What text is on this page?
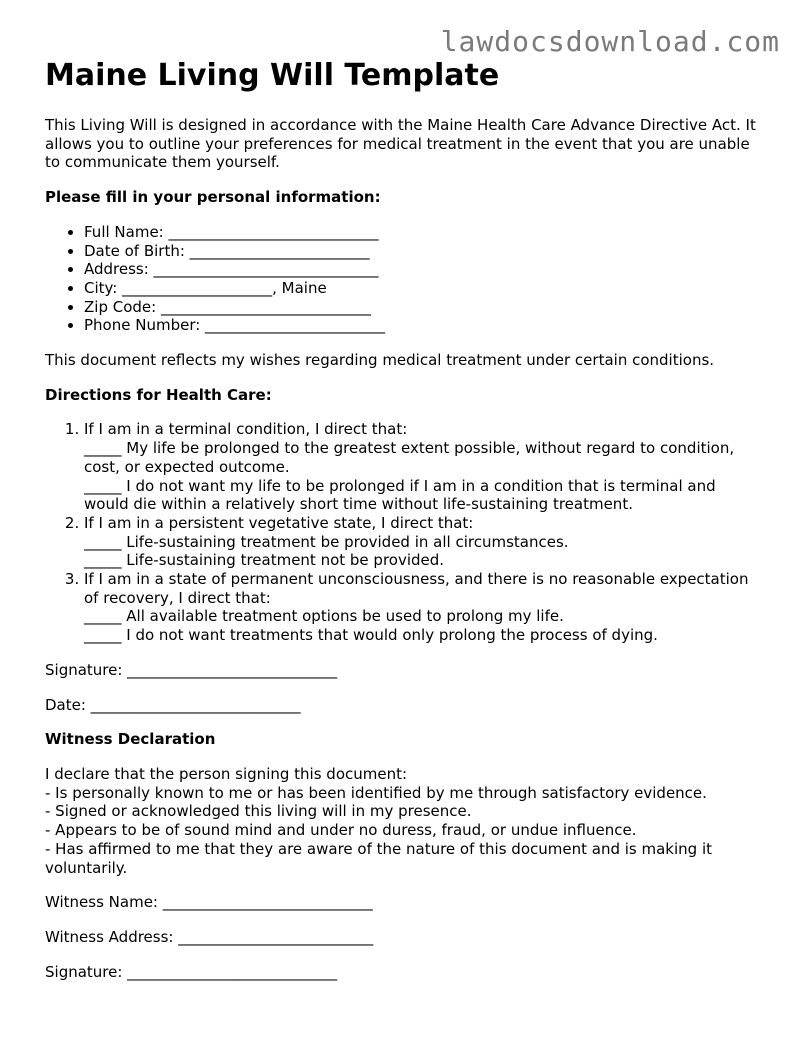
lawdocsdownload.com
Maine Living Will Template

This Living Will is designed in accordance with the Maine Health Care Advance Directive Act. It allows you to outline your preferences for medical treatment in the event that you are unable to communicate them yourself.

Please fill in your personal information:

• Full Name: ____________________________
• Date of Birth: ________________________
• Address: ______________________________
• City: ____________________, Maine
• Zip Code: ____________________________
• Phone Number: ________________________

This document reflects my wishes regarding medical treatment under certain conditions.

Directions for Health Care:

1. If I am in a terminal condition, I direct that:
_____ My life be prolonged to the greatest extent possible, without regard to condition, cost, or expected outcome.
_____ I do not want my life to be prolonged if I am in a condition that is terminal and would die within a relatively short time without life-sustaining treatment.
2. If I am in a persistent vegetative state, I direct that:
_____ Life-sustaining treatment be provided in all circumstances.
_____ Life-sustaining treatment not be provided.
3. If I am in a state of permanent unconsciousness, and there is no reasonable expectation of recovery, I direct that:
_____ All available treatment options be used to prolong my life.
_____ I do not want treatments that would only prolong the process of dying.

Signature: ____________________________

Date: ____________________________

Witness Declaration

I declare that the person signing this document:
- Is personally known to me or has been identified by me through satisfactory evidence.
- Signed or acknowledged this living will in my presence.
- Appears to be of sound mind and under no duress, fraud, or undue influence.
- Has affirmed to me that they are aware of the nature of this document and is making it voluntarily.

Witness Name: ____________________________

Witness Address: __________________________

Signature: ____________________________
